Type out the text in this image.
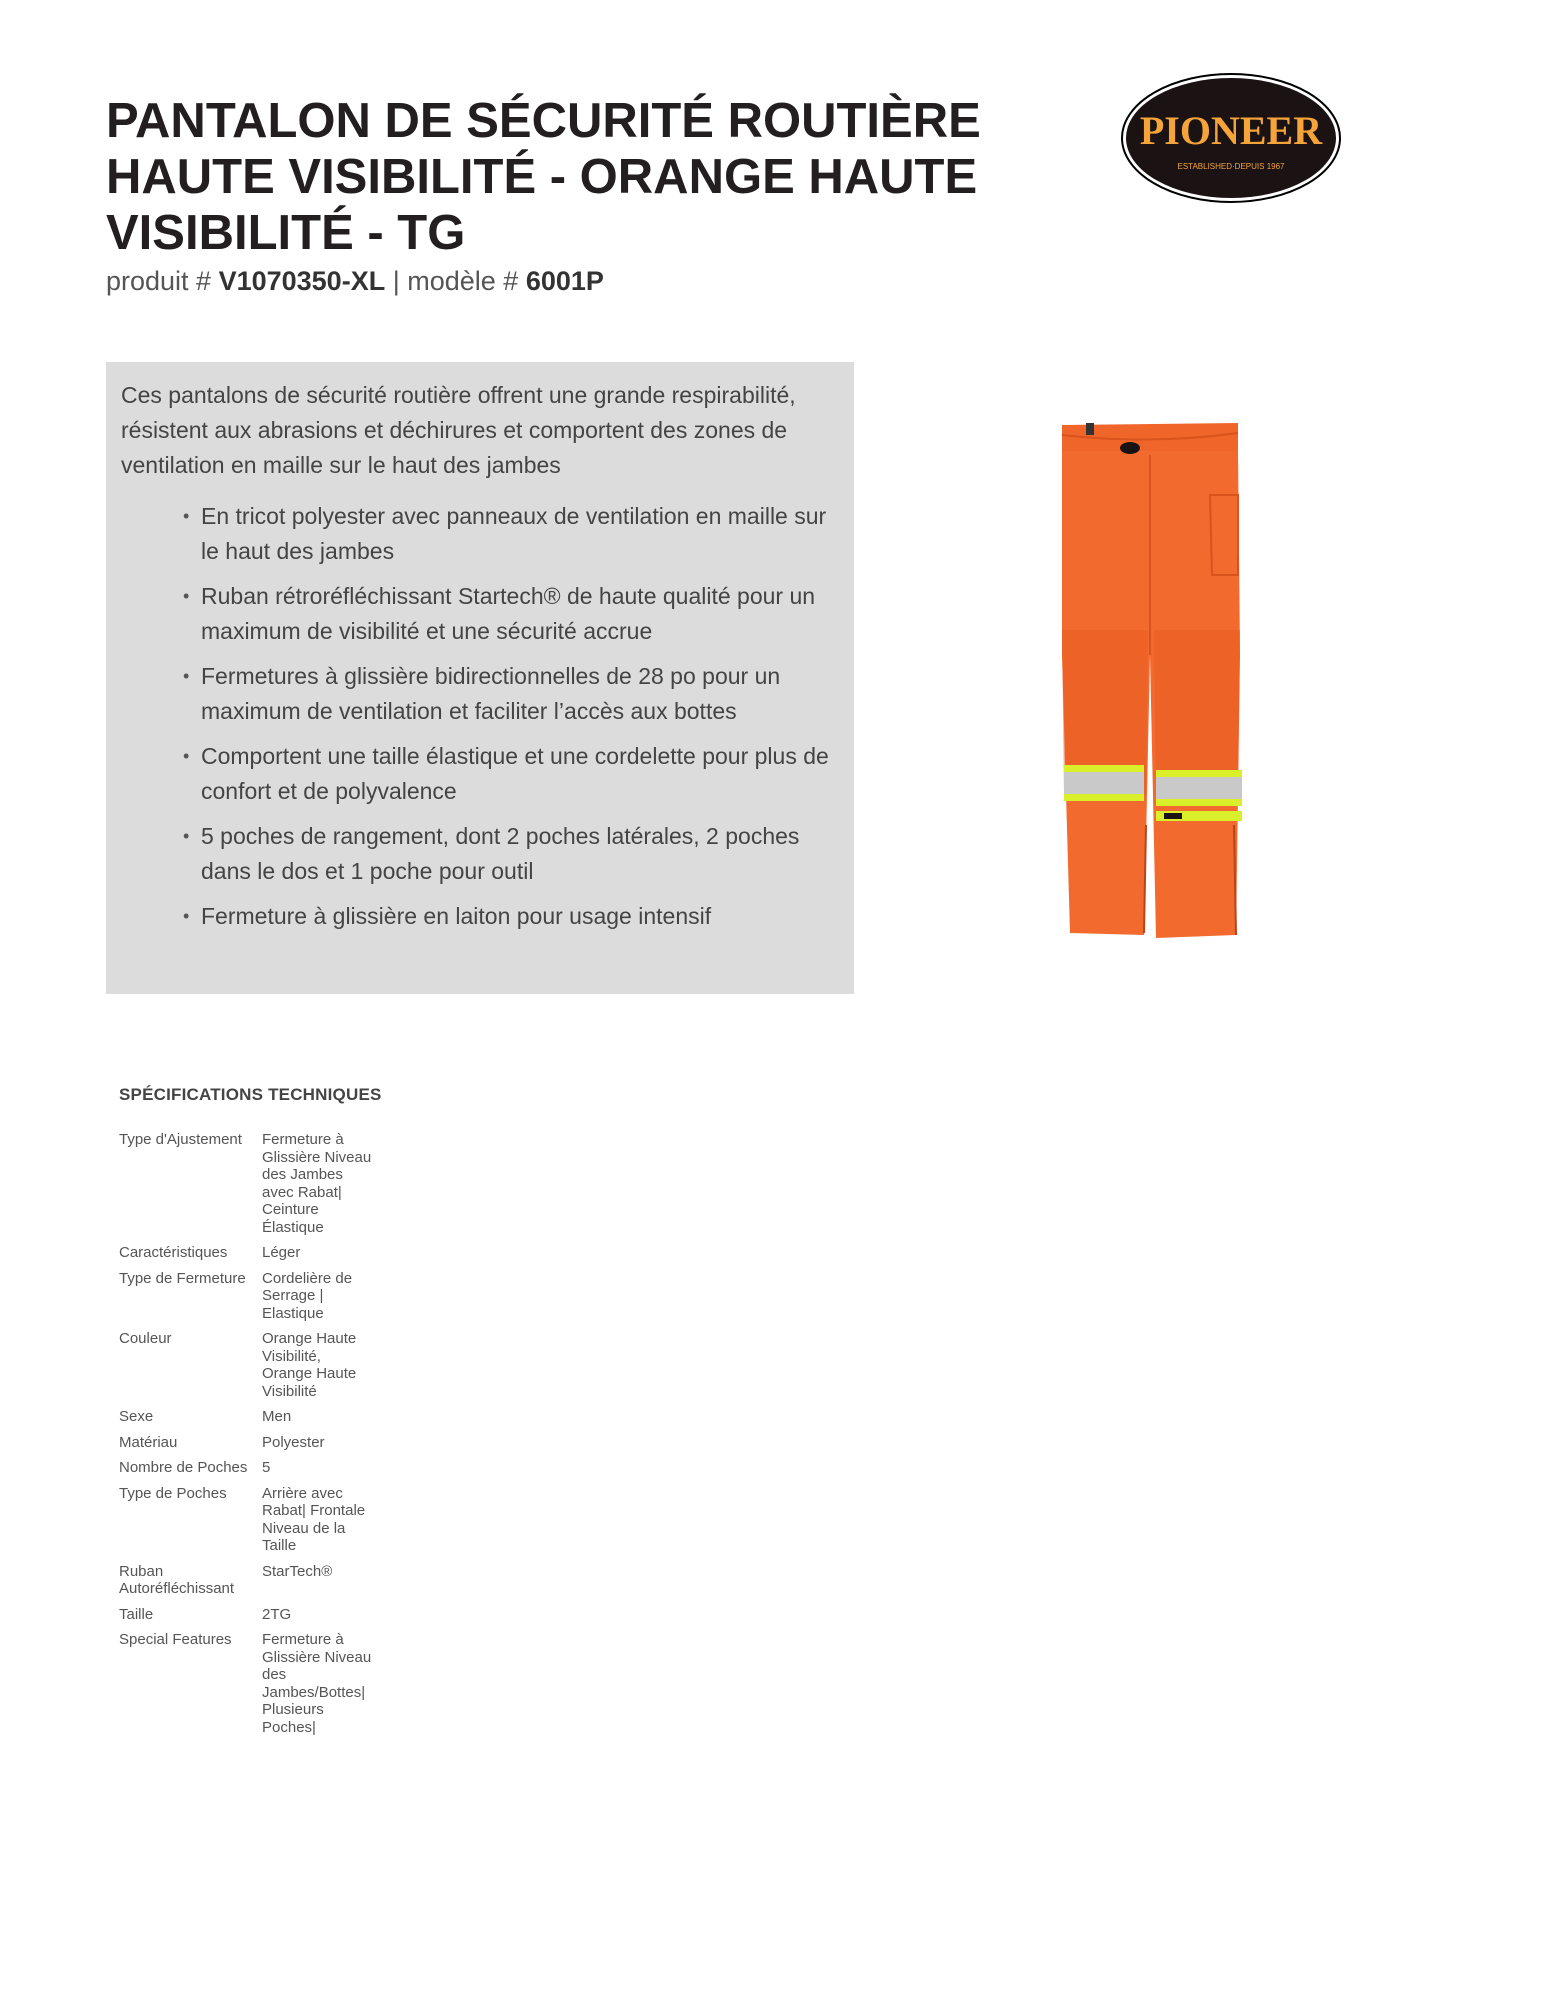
PANTALON DE SÉCURITÉ ROUTIÈRE
HAUTE VISIBILITÉ - ORANGE HAUTE
VISIBILITÉ - TG

produit # V1070350-XL | modèle # 6001P

PIONEER
ESTABLISHED·DEPUIS 1967

Ces pantalons de sécurité routière offrent une grande respirabilité, résistent aux abrasions et déchirures et comportent des zones de ventilation en maille sur le haut des jambes

• En tricot polyester avec panneaux de ventilation en maille sur le haut des jambes
• Ruban rétroréfléchissant Startech® de haute qualité pour un maximum de visibilité et une sécurité accrue
• Fermetures à glissière bidirectionnelles de 28 po pour un maximum de ventilation et faciliter l’accès aux bottes
• Comportent une taille élastique et une cordelette pour plus de confort et de polyvalence
• 5 poches de rangement, dont 2 poches latérales, 2 poches dans le dos et 1 poche pour outil
• Fermeture à glissière en laiton pour usage intensif
SPÉCIFICATIONS TECHNIQUES
Type d'Ajustement	Fermeture à Glissière Niveau des Jambes avec Rabat| Ceinture Élastique
Caractéristiques	Léger
Type de Fermeture	Cordelière de Serrage | Elastique
Couleur	Orange Haute Visibilité, Orange Haute Visibilité
Sexe	Men
Matériau	Polyester
Nombre de Poches	5
Type de Poches	Arrière avec Rabat| Frontale Niveau de la Taille
Ruban Autoréfléchissant	StarTech®
Taille	2TG
Special Features	Fermeture à Glissière Niveau des Jambes/Bottes| Plusieurs Poches|
